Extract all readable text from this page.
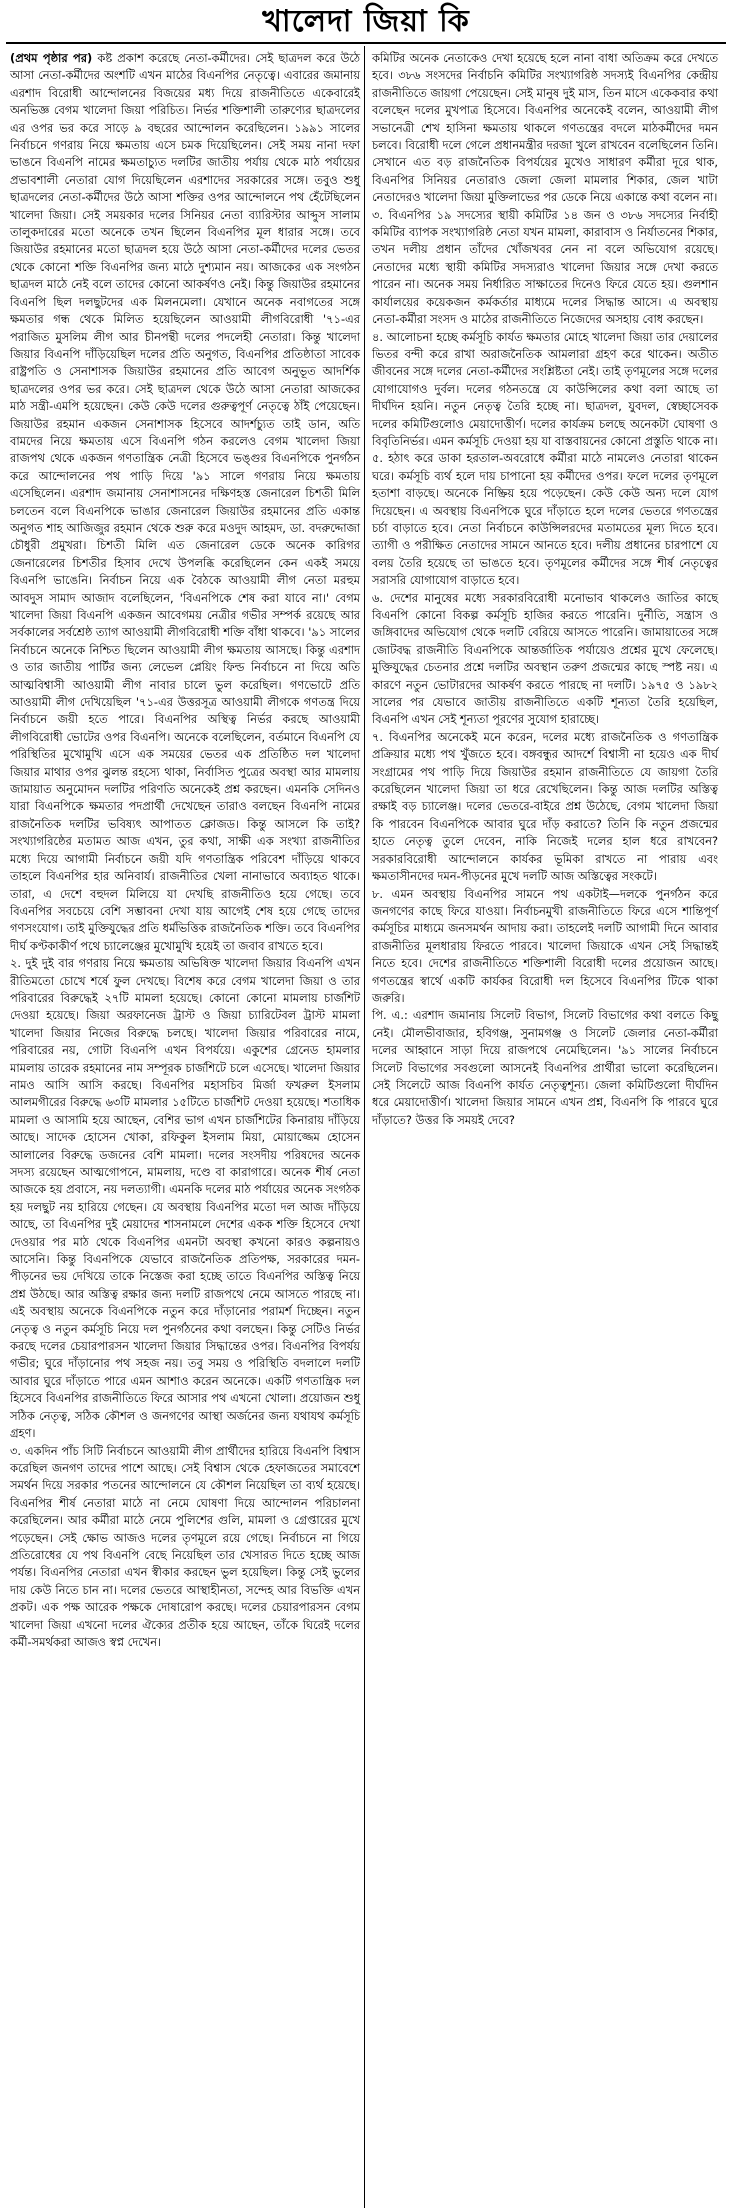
খালেদা জিয়া কি

(প্রথম পৃষ্ঠার পর) কষ্ট প্রকাশ করেছে নেতা-কর্মীদের। সেই ছাত্রদল করে উঠে আসা নেতা-কর্মীদের অংশটি এখন মাঠের বিএনপির নেতৃত্বে। এবারের জমানায় এরশাদ বিরোধী আন্দোলনের বিজয়ের মধ্য দিয়ে রাজনীতিতে একেবারেই অনভিজ্ঞ বেগম খালেদা জিয়া পরিচিত। নির্ভর শক্তিশালী তারুণ্যের ছাত্রদলের এর ওপর ভর করে সাড়ে ৯ বছরের আন্দোলন করেছিলেন। ১৯৯১ সালের নির্বাচনে গণরায় নিয়ে ক্ষমতায় এসে চমক দিয়েছিলেন। সেই সময় নানা দফা ভাঙনে বিএনপি নামের ক্ষমতাচ্যুত দলটির জাতীয় পর্যায় থেকে মাঠ পর্যায়ের প্রভাবশালী নেতারা যোগ দিয়েছিলেন এরশাদের সরকারের সঙ্গে। তবুও শুধু ছাত্রদলের নেতা-কর্মীদের উঠে আসা শক্তির ওপর আন্দোলনে পথ হেঁটেছিলেন খালেদা জিয়া। সেই সময়কার দলের সিনিয়র নেতা ব্যারিস্টার আব্দুস সালাম তালুকদারের মতো অনেকে তখন ছিলেন বিএনপির মূল ধারার সঙ্গে। তবে জিয়াউর রহমানের মতো ছাত্রদল হয়ে উঠে আসা নেতা-কর্মীদের দলের ভেতর থেকে কোনো শক্তি বিএনপির জন্য মাঠে দুশ্যমান নয়। আজকের এক সংগঠন ছাত্রদল মাঠে নেই বলে তাদের কোনো আকর্ষণও নেই। কিন্তু জিয়াউর রহমানের বিএনপি ছিল দলছুটদের এক মিলনমেলা। যেখানে অনেক নবাগতের সঙ্গে ক্ষমতার গন্ধ থেকে মিলিত হয়েছিলেন আওয়ামী লীগবিরোধী '৭১-এর পরাজিত মুসলিম লীগ আর চীনপন্থী দলের পদলেহী নেতারা। কিন্তু খালেদা জিয়ার বিএনপি দাঁড়িয়েছিল দলের প্রতি অনুগত, বিএনপির প্রতিষ্ঠাতা সাবেক রাষ্ট্রপতি ও সেনাশাসক জিয়াউর রহমানের প্রতি আবেগ অনুভূত আদর্শিক ছাত্রদলের ওপর ভর করে। সেই ছাত্রদল থেকে উঠে আসা নেতারা আজকের মাঠ সন্ত্রী-এমপি হয়েছেন। কেউ কেউ দলের গুরুত্বপূর্ণ নেতৃত্বে ঠাঁই পেয়েছেন। জিয়াউর রহমান একজন সেনাশাসক হিসেবে আদর্শচ্যুত তাই ডান, অতি বামদের নিয়ে ক্ষমতায় এসে বিএনপি গঠন করলেও বেগম খালেদা জিয়া রাজপথ থেকে একজন গণতান্ত্রিক নেত্রী হিসেবে ভঙ্গুর বিএনপিকে পুনর্গঠন করে আন্দোলনের পথ পাড়ি দিয়ে '৯১ সালে গণরায় নিয়ে ক্ষমতায় এসেছিলেন। এরশাদ জমানায় সেনাশাসনের দক্ষিণহস্ত জেনারেল চিশতী মিলি চলতেন বলে বিএনপিকে ভাঙার জেনারেল জিয়াউর রহমানের প্রতি একান্ত অনুগত শাহ আজিজুর রহমান থেকে শুরু করে মওদুদ আহমদ, ডা. বদরুদ্দোজা চৌধুরী প্রমুখরা। চিশতী মিলি এত জেনারেল ডেকে অনেক কারিগর জেনারেলের চিশতীর হিসাব দেখে উপলব্ধি করেছিলেন কেন একই সময়ে বিএনপি ভাঙেনি। নির্বাচন নিয়ে এক বৈঠকে আওয়ামী লীগ নেতা মরহুম আবদুস সামাদ আজাদ বলেছিলেন, 'বিএনপিকে শেষ করা যাবে না।' বেগম খালেদা জিয়া বিএনপি একজন আবেগময় নেত্রীর গভীর সম্পর্ক রয়েছে আর সর্বকালের সর্বশ্রেষ্ঠ ত্যাগ আওয়ামী লীগবিরোধী শক্তি বাঁধা থাকবে। '৯১ সালের নির্বাচনে অনেকে নিশ্চিত ছিলেন আওয়ামী লীগ ক্ষমতায় আসছে। কিন্তু এরশাদ ও তার জাতীয় পার্টির জন্য লেভেল প্লেয়িং ফিল্ড নির্বাচনে না দিয়ে অতি আত্মবিশ্বাসী আওয়ামী লীগ নাবার চালে ভুল করেছিল। গণভোটে প্রতি আওয়ামী লীগ দেখিয়েছিল '৭১-এর উত্তরসূত্র আওয়ামী লীগকে গণতন্ত্র দিয়ে নির্বাচনে জয়ী হতে পারে। বিএনপির অস্থিত্ব নির্ভর করছে আওয়ামী লীগবিরোধী ভোটের ওপর বিএনপি। অনেকে বলেছিলেন, বর্তমানে বিএনপি যে পরিস্থিতির মুখোমুখি এসে এক সময়ের ভেতর এক প্রতিষ্ঠিত দল খালেদা জিয়ার মাথার ওপর ঝুলন্ত রহস্যে থাকা, নির্বাসিত পুত্রের অবস্থা আর মামলায় জামায়াত অনুমোদন দলটির পরিণতি অনেকেই প্রশ্ন করছেন। এমনকি সেদিনও যারা বিএনপিকে ক্ষমতার পদপ্রার্থী দেখেছেন তারাও বলছেন বিএনপি নামের রাজনৈতিক দলটির ভবিষ্যৎ আপাতত ক্লোজড। কিন্তু আসলে কি তাই? সংখ্যাগরিষ্ঠের মতামত আজ এখন, তুর কথা, সাক্ষী এক সংখ্যা রাজনীতির মধ্যে দিয়ে আগামী নির্বাচনে জয়ী যদি গণতান্ত্রিক পরিবেশ দাঁড়িয়ে থাকবে তাহলে বিএনপির হার অনিবার্য। রাজনীতির খেলা নানাভাবে অব্যাহত থাকে। তারা, এ দেশে বহুদল মিলিয়ে যা দেখছি রাজনীতিও হয়ে গেছে। তবে বিএনপির সবচেয়ে বেশি সম্ভাবনা দেখা যায় আগেই শেষ হয়ে গেছে তাদের গণসংযোগ। তাই মুক্তিযুদ্ধের প্রতি ধর্মভিত্তিক রাজনৈতিক শক্তি। তবে বিএনপির দীর্ঘ কণ্টকাকীর্ণ পথে চ্যালেঞ্জের মুখোমুখি হয়েই তা জবাব রাখতে হবে।

২. দুই দুই বার গণরায় নিয়ে ক্ষমতায় অভিষিক্ত খালেদা জিয়ার বিএনপি এখন রীতিমতো চোখে শর্ষে ফুল দেখছে। বিশেষ করে বেগম খালেদা জিয়া ও তার পরিবারের বিরুদ্ধেই ২৭টি মামলা হয়েছে। কোনো কোনো মামলায় চার্জশিট দেওয়া হয়েছে। জিয়া অরফানেজ ট্রাস্ট ও জিয়া চ্যারিটেবল ট্রাস্ট মামলা খালেদা জিয়ার নিজের বিরুদ্ধে চলছে। খালেদা জিয়ার পরিবারের নামে, পরিবারের নয়, গোটা বিএনপি এখন বিপর্যয়ে। একুশের গ্রেনেড হামলার মামলায় তারেক রহমানের নাম সম্পূরক চার্জশিটে চলে এসেছে। খালেদা জিয়ার নামও আসি আসি করছে। বিএনপির মহাসচিব মির্জা ফখরুল ইসলাম আলমগীরের বিরুদ্ধে ৬৩টি মামলার ১৫টিতে চার্জশিট দেওয়া হয়েছে। শতাধিক মামলা ও আসামি হয়ে আছেন, বেশির ভাগ এখন চার্জশিটের কিনারায় দাঁড়িয়ে আছে। সাদেক হোসেন খোকা, রফিকুল ইসলাম মিয়া, মোয়াজ্জেম হোসেন আলালের বিরুদ্ধে ডজনের বেশি মামলা। দলের সংসদীয় পরিষদের অনেক সদস্য রয়েছেন আত্মগোপনে, মামলায়, দণ্ডে বা কারাগারে। অনেক শীর্ষ নেতা আজকে হয় প্রবাসে, নয় দলত্যাগী। এমনকি দলের মাঠ পর্যায়ের অনেক সংগঠক হয় দলছুট নয় হারিয়ে গেছেন। যে অবস্থায় বিএনপির মতো দল আজ দাঁড়িয়ে আছে, তা বিএনপির দুই মেয়াদের শাসনামলে দেশের একক শক্তি হিসেবে দেখা দেওয়ার পর মাঠ থেকে বিএনপির এমনটা অবস্থা কখনো কারও কল্পনায়ও আসেনি। কিন্তু বিএনপিকে যেভাবে রাজনৈতিক প্রতিপক্ষ, সরকারের দমন-পীড়নের ভয় দেখিয়ে তাকে নিস্তেজ করা হচ্ছে তাতে বিএনপির অস্তিত্ব নিয়ে প্রশ্ন উঠছে। আর অস্তিত্ব রক্ষার জন্য দলটি রাজপথে নেমে আসতে পারছে না। এই অবস্থায় অনেকে বিএনপিকে নতুন করে দাঁড়ানোর পরামর্শ দিচ্ছেন। নতুন নেতৃত্ব ও নতুন কর্মসূচি নিয়ে দল পুনর্গঠনের কথা বলছেন। কিন্তু সেটিও নির্ভর করছে দলের চেয়ারপারসন খালেদা জিয়ার সিদ্ধান্তের ওপর। বিএনপির বিপর্যয় গভীর; ঘুরে দাঁড়ানোর পথ সহজ নয়। তবু সময় ও পরিস্থিতি বদলালে দলটি আবার ঘুরে দাঁড়াতে পারে এমন আশাও করেন অনেকে। একটি গণতান্ত্রিক দল হিসেবে বিএনপির রাজনীতিতে ফিরে আসার পথ এখনো খোলা। প্রয়োজন শুধু সঠিক নেতৃত্ব, সঠিক কৌশল ও জনগণের আস্থা অর্জনের জন্য যথাযথ কর্মসূচি গ্রহণ।

৩. একদিন পাঁচ সিটি নির্বাচনে আওয়ামী লীগ প্রার্থীদের হারিয়ে বিএনপি বিশ্বাস করেছিল জনগণ তাদের পাশে আছে। সেই বিশ্বাস থেকে হেফাজতের সমাবেশে সমর্থন দিয়ে সরকার পতনের আন্দোলনে যে কৌশল নিয়েছিল তা ব্যর্থ হয়েছে। বিএনপির শীর্ষ নেতারা মাঠে না নেমে ঘোষণা দিয়ে আন্দোলন পরিচালনা করেছিলেন। আর কর্মীরা মাঠে নেমে পুলিশের গুলি, মামলা ও গ্রেপ্তারের মুখে পড়েছেন। সেই ক্ষোভ আজও দলের তৃণমূলে রয়ে গেছে। নির্বাচনে না গিয়ে প্রতিরোধের যে পথ বিএনপি বেছে নিয়েছিল তার খেসারত দিতে হচ্ছে আজ পর্যন্ত। বিএনপির নেতারা এখন স্বীকার করছেন ভুল হয়েছিল। কিন্তু সেই ভুলের দায় কেউ নিতে চান না। দলের ভেতরে আস্থাহীনতা, সন্দেহ আর বিভক্তি এখন প্রকট। এক পক্ষ আরেক পক্ষকে দোষারোপ করছে। দলের চেয়ারপারসন বেগম খালেদা জিয়া এখনো দলের ঐক্যের প্রতীক হয়ে আছেন, তাঁকে ঘিরেই দলের কর্মী-সমর্থকরা আজও স্বপ্ন দেখেন।

কমিটির অনেক নেতাকেও দেখা হয়েছে হলে নানা বাধা অতিক্রম করে দেখতে হবে। ৩৮৬ সংসদের নির্বাচনি কমিটির সংখ্যাগরিষ্ঠ সদস্যই বিএনপির কেন্দ্রীয় রাজনীতিতে জায়গা পেয়েছেন। সেই মানুষ দুই মাস, তিন মাসে একেকবার কথা বলেছেন দলের মুখপাত্র হিসেবে। বিএনপির অনেকেই বলেন, আওয়ামী লীগ সভানেত্রী শেখ হাসিনা ক্ষমতায় থাকলে গণতন্ত্রের বদলে মাঠকর্মীদের দমন চলবে। বিরোধী দলে গেলে প্রধানমন্ত্রীর দরজা খুলে রাখবেন বলেছিলেন তিনি। সেখানে এত বড় রাজনৈতিক বিপর্যয়ের মুখেও সাধারণ কর্মীরা দূরে থাক, বিএনপির সিনিয়র নেতারাও জেলা জেলা মামলার শিকার, জেল খাটা নেতাদেরও খালেদা জিয়া মুক্তিলাভের পর ডেকে নিয়ে একান্তে কথা বলেন না।

৩. বিএনপির ১৯ সদস্যের স্থায়ী কমিটির ১৪ জন ও ৩৮৬ সদস্যের নির্বাহী কমিটির ব্যাপক সংখ্যাগরিষ্ঠ নেতা যখন মামলা, কারাবাস ও নির্যাতনের শিকার, তখন দলীয় প্রধান তাঁদের খোঁজখবর নেন না বলে অভিযোগ রয়েছে। নেতাদের মধ্যে স্থায়ী কমিটির সদস্যরাও খালেদা জিয়ার সঙ্গে দেখা করতে পারেন না। অনেক সময় নির্ধারিত সাক্ষাতের দিনেও ফিরে যেতে হয়। গুলশান কার্যালয়ের কয়েকজন কর্মকর্তার মাধ্যমে দলের সিদ্ধান্ত আসে। এ অবস্থায় নেতা-কর্মীরা সংসদ ও মাঠের রাজনীতিতে নিজেদের অসহায় বোধ করছেন।

৪. আলোচনা হচ্ছে কর্মসূচি কার্যত ক্ষমতার মোহে খালেদা জিয়া তার দেয়ালের ভিতর বন্দী করে রাখা অরাজনৈতিক আমলারা গ্রহণ করে থাকেন। অতীত জীবনের সঙ্গে দলের নেতা-কর্মীদের সংশ্লিষ্টতা নেই। তাই তৃণমূলের সঙ্গে দলের যোগাযোগও দুর্বল। দলের গঠনতন্ত্রে যে কাউন্সিলের কথা বলা আছে তা দীর্ঘদিন হয়নি। নতুন নেতৃত্ব তৈরি হচ্ছে না। ছাত্রদল, যুবদল, স্বেচ্ছাসেবক দলের কমিটিগুলোও মেয়াদোত্তীর্ণ। দলের কার্যক্রম চলছে অনেকটা ঘোষণা ও বিবৃতিনির্ভর। এমন কর্মসূচি দেওয়া হয় যা বাস্তবায়নের কোনো প্রস্তুতি থাকে না।

৫. হঠাৎ করে ডাকা হরতাল-অবরোধে কর্মীরা মাঠে নামলেও নেতারা থাকেন ঘরে। কর্মসূচি ব্যর্থ হলে দায় চাপানো হয় কর্মীদের ওপর। ফলে দলের তৃণমূলে হতাশা বাড়ছে। অনেকে নিষ্ক্রিয় হয়ে পড়েছেন। কেউ কেউ অন্য দলে যোগ দিয়েছেন। এ অবস্থায় বিএনপিকে ঘুরে দাঁড়াতে হলে দলের ভেতরে গণতন্ত্রের চর্চা বাড়াতে হবে। নেতা নির্বাচনে কাউন্সিলরদের মতামতের মূল্য দিতে হবে। ত্যাগী ও পরীক্ষিত নেতাদের সামনে আনতে হবে। দলীয় প্রধানের চারপাশে যে বলয় তৈরি হয়েছে তা ভাঙতে হবে। তৃণমূলের কর্মীদের সঙ্গে শীর্ষ নেতৃত্বের সরাসরি যোগাযোগ বাড়াতে হবে।

৬. দেশের মানুষের মধ্যে সরকারবিরোধী মনোভাব থাকলেও জাতির কাছে বিএনপি কোনো বিকল্প কর্মসূচি হাজির করতে পারেনি। দুর্নীতি, সন্ত্রাস ও জঙ্গিবাদের অভিযোগ থেকে দলটি বেরিয়ে আসতে পারেনি। জামায়াতের সঙ্গে জোটবদ্ধ রাজনীতি বিএনপিকে আন্তর্জাতিক পর্যায়েও প্রশ্নের মুখে ফেলেছে। মুক্তিযুদ্ধের চেতনার প্রশ্নে দলটির অবস্থান তরুণ প্রজন্মের কাছে স্পষ্ট নয়। এ কারণে নতুন ভোটারদের আকর্ষণ করতে পারছে না দলটি। ১৯৭৫ ও ১৯৮২ সালের পর যেভাবে জাতীয় রাজনীতিতে একটি শূন্যতা তৈরি হয়েছিল, বিএনপি এখন সেই শূন্যতা পূরণের সুযোগ হারাচ্ছে।

৭. বিএনপির অনেকেই মনে করেন, দলের মধ্যে রাজনৈতিক ও গণতান্ত্রিক প্রক্রিয়ার মধ্যে পথ খুঁজতে হবে। বঙ্গবন্ধুর আদর্শে বিশ্বাসী না হয়েও এক দীর্ঘ সংগ্রামের পথ পাড়ি দিয়ে জিয়াউর রহমান রাজনীতিতে যে জায়গা তৈরি করেছিলেন খালেদা জিয়া তা ধরে রেখেছিলেন। কিন্তু আজ দলটির অস্তিত্ব রক্ষাই বড় চ্যালেঞ্জ। দলের ভেতরে-বাইরে প্রশ্ন উঠেছে, বেগম খালেদা জিয়া কি পারবেন বিএনপিকে আবার ঘুরে দাঁড় করাতে? তিনি কি নতুন প্রজন্মের হাতে নেতৃত্ব তুলে দেবেন, নাকি নিজেই দলের হাল ধরে রাখবেন? সরকারবিরোধী আন্দোলনে কার্যকর ভূমিকা রাখতে না পারায় এবং ক্ষমতাসীনদের দমন-পীড়নের মুখে দলটি আজ অস্তিত্বের সংকটে।

৮. এমন অবস্থায় বিএনপির সামনে পথ একটাই—দলকে পুনর্গঠন করে জনগণের কাছে ফিরে যাওয়া। নির্বাচনমুখী রাজনীতিতে ফিরে এসে শান্তিপূর্ণ কর্মসূচির মাধ্যমে জনসমর্থন আদায় করা। তাহলেই দলটি আগামী দিনে আবার রাজনীতির মূলধারায় ফিরতে পারবে। খালেদা জিয়াকে এখন সেই সিদ্ধান্তই নিতে হবে। দেশের রাজনীতিতে শক্তিশালী বিরোধী দলের প্রয়োজন আছে। গণতন্ত্রের স্বার্থে একটি কার্যকর বিরোধী দল হিসেবে বিএনপির টিকে থাকা জরুরি।

পি. এ.: এরশাদ জমানায় সিলেট বিভাগ, সিলেট বিভাগের কথা বলতে কিছু নেই। মৌলভীবাজার, হবিগঞ্জ, সুনামগঞ্জ ও সিলেট জেলার নেতা-কর্মীরা দলের আহ্বানে সাড়া দিয়ে রাজপথে নেমেছিলেন। '৯১ সালের নির্বাচনে সিলেট বিভাগের সবগুলো আসনেই বিএনপির প্রার্থীরা ভালো করেছিলেন। সেই সিলেটে আজ বিএনপি কার্যত নেতৃত্বশূন্য। জেলা কমিটিগুলো দীর্ঘদিন ধরে মেয়াদোত্তীর্ণ। খালেদা জিয়ার সামনে এখন প্রশ্ন, বিএনপি কি পারবে ঘুরে দাঁড়াতে? উত্তর কি সময়ই দেবে?
